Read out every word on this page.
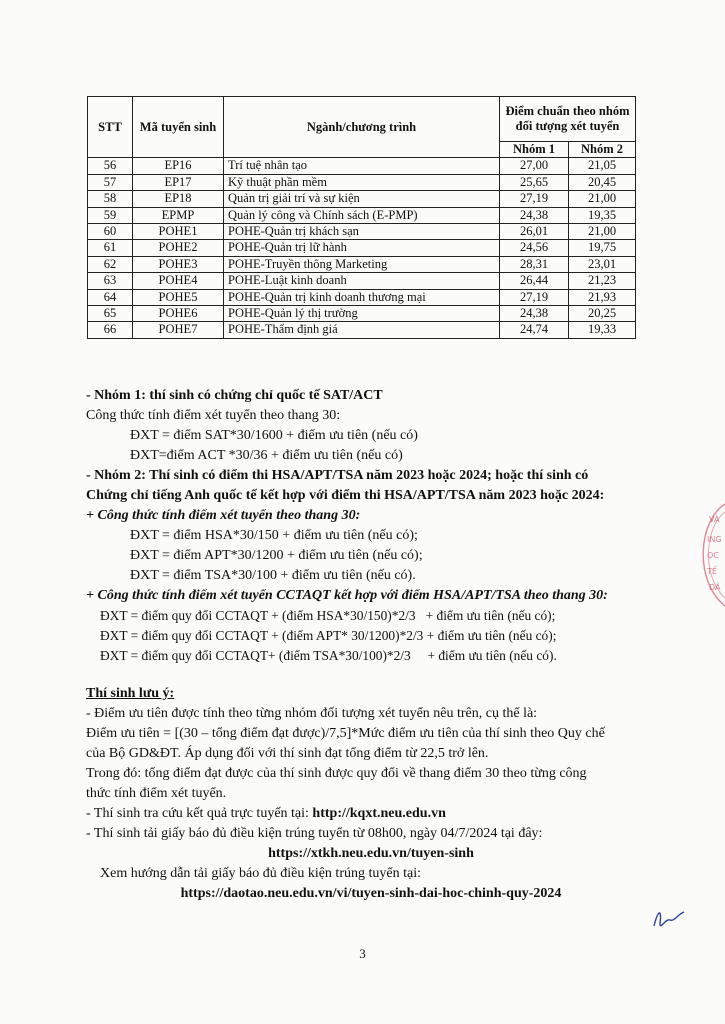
STT	Mã tuyển sinh	Ngành/chương trình	Điểm chuẩn theo nhóm đối tượng xét tuyển	
			Nhóm 1	Nhóm 2
56	EP16	Trí tuệ nhân tạo	27,00	21,05
57	EP17	Kỹ thuật phần mềm	25,65	20,45
58	EP18	Quản trị giải trí và sự kiện	27,19	21,00
59	EPMP	Quản lý công và Chính sách (E-PMP)	24,38	19,35
60	POHE1	POHE-Quản trị khách sạn	26,01	21,00
61	POHE2	POHE-Quản trị lữ hành	24,56	19,75
62	POHE3	POHE-Truyền thông Marketing	28,31	23,01
63	POHE4	POHE-Luật kinh doanh	26,44	21,23
64	POHE5	POHE-Quản trị kinh doanh thương mại	27,19	21,93
65	POHE6	POHE-Quản lý thị trường	24,38	20,25
66	POHE7	POHE-Thẩm định giá	24,74	19,33

- Nhóm 1: thí sinh có chứng chỉ quốc tế SAT/ACT

Công thức tính điểm xét tuyển theo thang 30:

ĐXT = điểm SAT*30/1600 + điểm ưu tiên (nếu có)

ĐXT=điểm ACT *30/36 + điểm ưu tiên (nếu có)

- Nhóm 2: Thí sinh có điểm thi HSA/APT/TSA năm 2023 hoặc 2024; hoặc thí sinh có

Chứng chỉ tiếng Anh quốc tế kết hợp với điểm thi HSA/APT/TSA năm 2023 hoặc 2024:

+ Công thức tính điểm xét tuyển theo thang 30:

ĐXT = điểm HSA*30/150 + điểm ưu tiên (nếu có);

ĐXT = điểm APT*30/1200 + điểm ưu tiên (nếu có);

ĐXT = điểm TSA*30/100 + điểm ưu tiên (nếu có).

+ Công thức tính điểm xét tuyển CCTAQT kết hợp với điểm HSA/APT/TSA theo thang 30:

ĐXT = điểm quy đổi CCTAQT + (điểm HSA*30/150)*2/3   + điểm ưu tiên (nếu có);

ĐXT = điểm quy đổi CCTAQT + (điểm APT* 30/1200)*2/3 + điểm ưu tiên (nếu có);

ĐXT = điểm quy đổi CCTAQT+ (điểm TSA*30/100)*2/3     + điểm ưu tiên (nếu có).

Thí sinh lưu ý:

- Điểm ưu tiên được tính theo từng nhóm đối tượng xét tuyển nêu trên, cụ thể là:

Điểm ưu tiên = [(30 – tổng điểm đạt được)/7,5]*Mức điểm ưu tiên của thí sinh theo Quy chế

của Bộ GD&ĐT. Áp dụng đối với thí sinh đạt tổng điểm từ 22,5 trở lên.

Trong đó: tổng điểm đạt được của thí sinh được quy đổi về thang điểm 30 theo từng công

thức tính điểm xét tuyển.

- Thí sinh tra cứu kết quả trực tuyến tại: http://kqxt.neu.edu.vn

- Thí sinh tải giấy báo đủ điều kiện trúng tuyển từ 08h00, ngày 04/7/2024 tại đây:

https://xtkh.neu.edu.vn/tuyen-sinh

Xem hướng dẫn tải giấy báo đủ điều kiện trúng tuyển tại:

https://daotao.neu.edu.vn/vi/tuyen-sinh-dai-hoc-chinh-quy-2024

3
VÀ
ING
ỌC
TẾ
DÂ
